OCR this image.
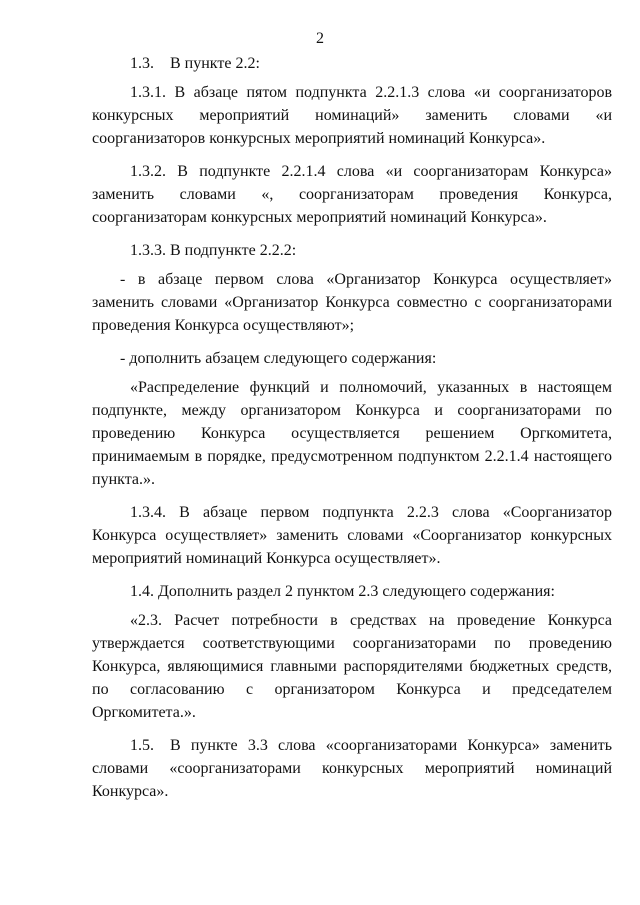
2

1.3. В пункте 2.2:

1.3.1. В абзаце пятом подпункта 2.2.1.3 слова «и соорганизаторов конкурсных мероприятий номинаций» заменить словами «и соорганизаторов конкурсных мероприятий номинаций Конкурса».

1.3.2. В подпункте 2.2.1.4 слова «и соорганизаторам Конкурса» заменить словами «, соорганизаторам проведения Конкурса, соорганизаторам конкурсных мероприятий номинаций Конкурса».

1.3.3. В подпункте 2.2.2:

- в абзаце первом слова «Организатор Конкурса осуществляет» заменить словами «Организатор Конкурса совместно с соорганизаторами проведения Конкурса осуществляют»;

- дополнить абзацем следующего содержания:

«Распределение функций и полномочий, указанных в настоящем подпункте, между организатором Конкурса и соорганизаторами по проведению Конкурса осуществляется решением Оргкомитета, принимаемым в порядке, предусмотренном подпунктом 2.2.1.4 настоящего пункта.».

1.3.4. В абзаце первом подпункта 2.2.3 слова «Соорганизатор Конкурса осуществляет» заменить словами «Соорганизатор конкурсных мероприятий номинаций Конкурса осуществляет».

1.4. Дополнить раздел 2 пунктом 2.3 следующего содержания:

«2.3. Расчет потребности в средствах на проведение Конкурса утверждается соответствующими соорганизаторами по проведению Конкурса, являющимися главными распорядителями бюджетных средств, по согласованию с организатором Конкурса и председателем Оргкомитета.».

1.5. В пункте 3.3 слова «соорганизаторами Конкурса» заменить словами «соорганизаторами конкурсных мероприятий номинаций Конкурса».
